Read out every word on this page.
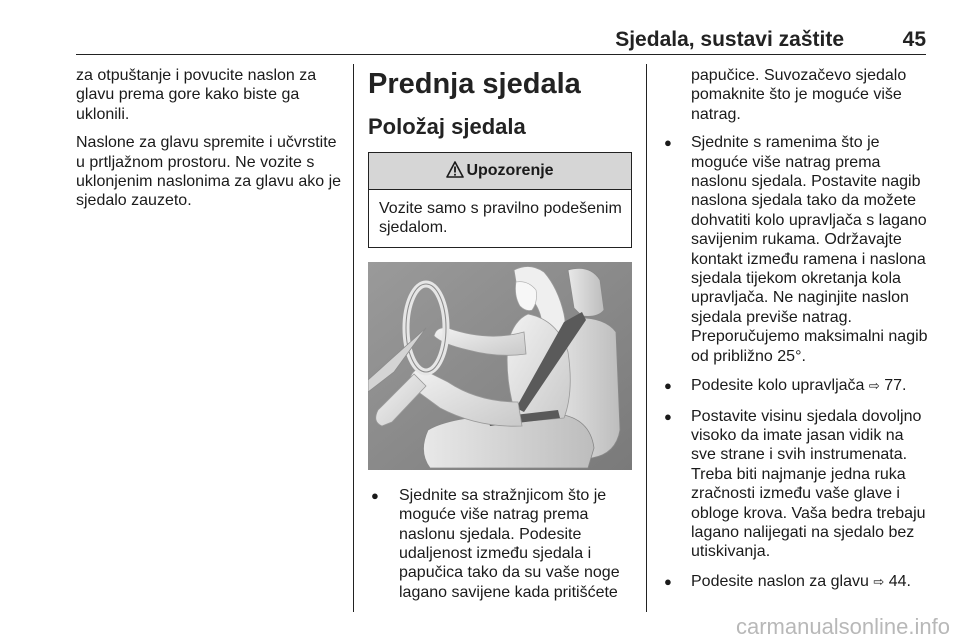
Sjedala, sustavi zaštite	45

za otpuštanje i povucite naslon za glavu prema gore kako biste ga uklonili.

Naslone za glavu spremite i učvrstite u prtljažnom prostoru. Ne vozite s uklonjenim naslonima za glavu ako je sjedalo zauzeto.

Prednja sjedala
Položaj sjedala
Upozorenje
Vozite samo s pravilno podešenim sjedalom.
● Sjednite sa stražnjicom što je moguće više natrag prema naslonu sjedala. Podesite udaljenost između sjedala i papučica tako da su vaše noge lagano savijene kada pritišćete

papučice. Suvozačevo sjedalo pomaknite što je moguće više natrag.

● Sjednite s ramenima što je moguće više natrag prema naslonu sjedala. Postavite nagib naslona sjedala tako da možete dohvatiti kolo upravljača s lagano savijenim rukama. Održavajte kontakt između ramena i naslona sjedala tijekom okretanja kola upravljača. Ne naginjite naslon sjedala previše natrag. Preporučujemo maksimalni nagib od približno 25°.
● Podesite kolo upravljača ⇨ 77.
● Postavite visinu sjedala dovoljno visoko da imate jasan vidik na sve strane i svih instrumenata. Treba biti najmanje jedna ruka zračnosti između vaše glave i obloge krova. Vaša bedra trebaju lagano nalijegati na sjedalo bez utiskivanja.
● Podesite naslon za glavu ⇨ 44.
carmanualsonline.info
